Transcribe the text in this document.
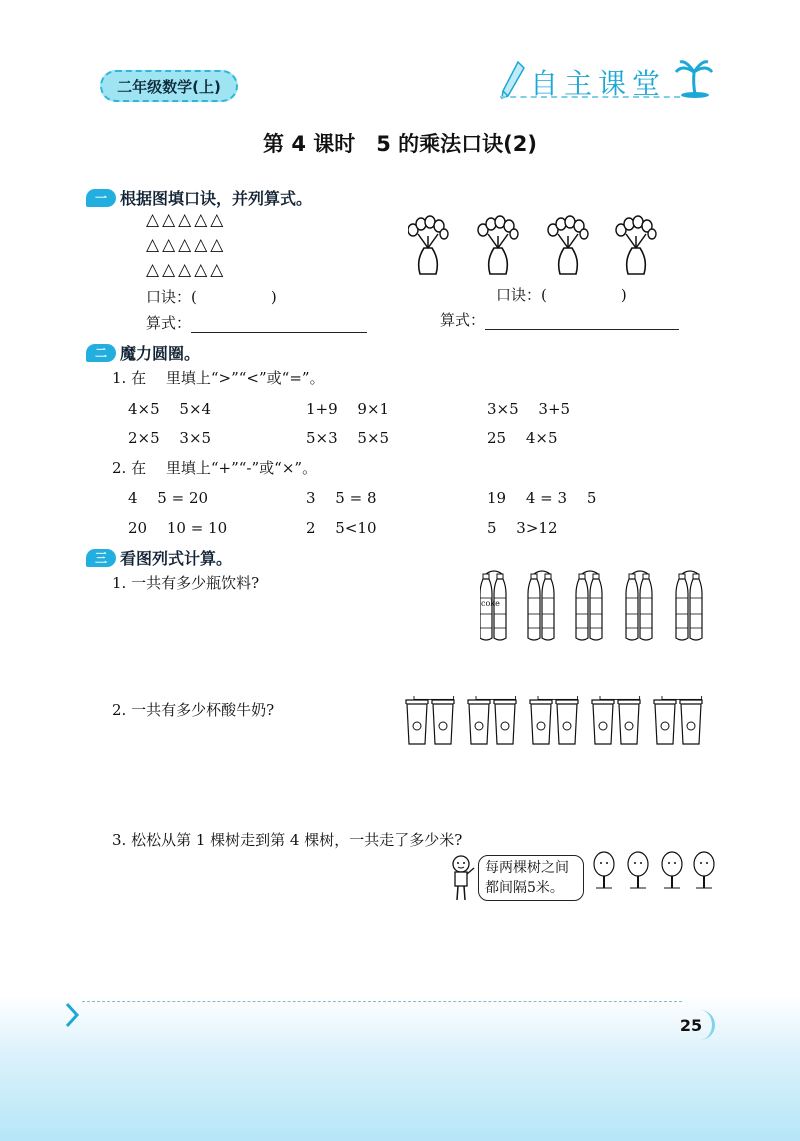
二年级数学(上)	自主课堂
第 4 课时　5 的乘法口诀(2)
一 根据图填口诀，并列算式。
△△△△△
△△△△△
△△△△△
口诀：(	)
算式：
口诀：(	)
算式：
二 魔力圆圈。
1. 在　 里填上“>”“<”或“=”。
4×5　 5×4	1+9　 9×1	3×5　 3+5
2×5　 3×5	5×3　 5×5	25　 4×5
2. 在　 里填上“+”“-”或“×”。
4　 5 = 20	3　 5 = 8	19　 4 = 3　 5
20　 10 = 10	2　 5<10	5　 3>12
三 看图列式计算。
1. 一共有多少瓶饮料?
coke
2. 一共有多少杯酸牛奶?
3. 松松从第 1 棵树走到第 4 棵树，一共走了多少米?
每两棵树之间
都间隔5米。
25
